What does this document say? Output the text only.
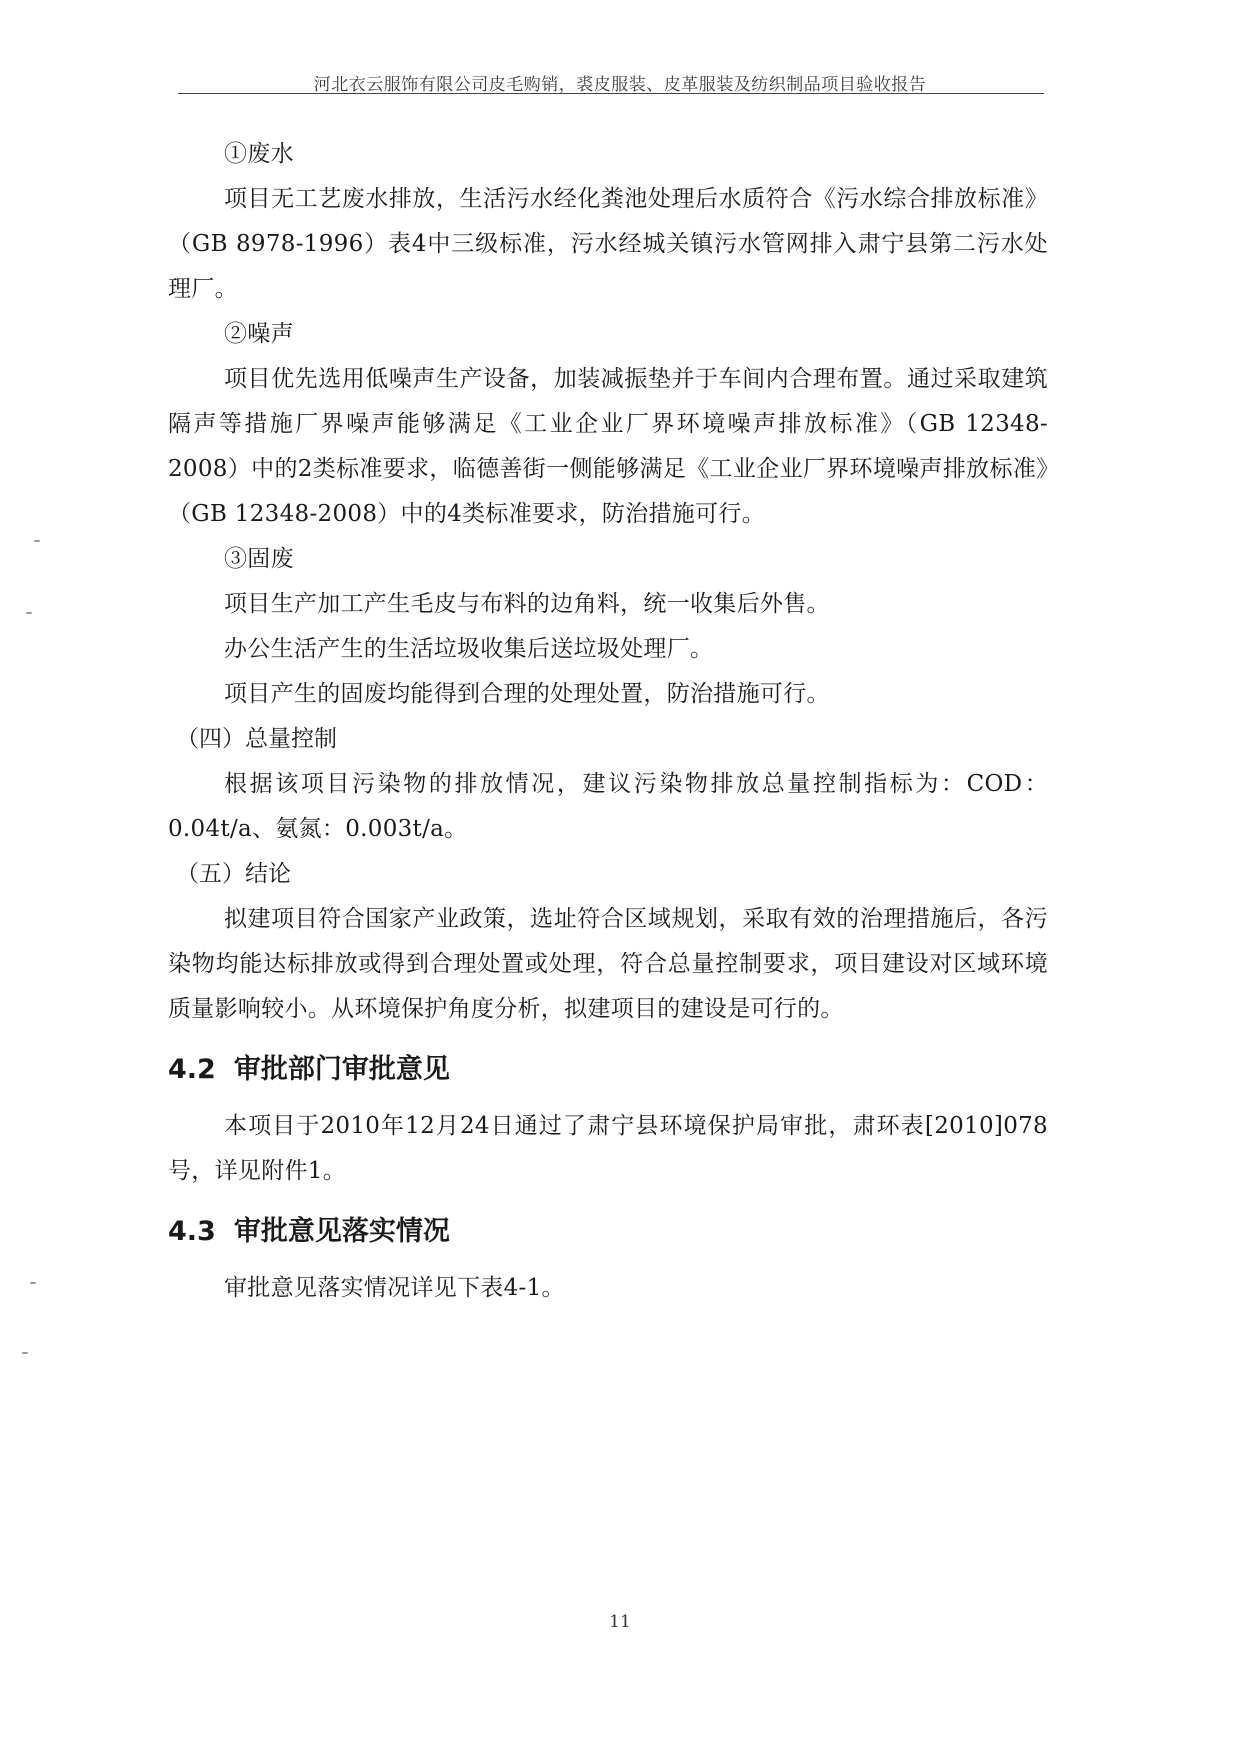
河北衣云服饰有限公司皮毛购销，裘皮服装、皮革服装及纺织制品项目验收报告

①废水

项目无工艺废水排放，生活污水经化粪池处理后水质符合《污水综合排放标准》（GB 8978-1996）表4中三级标准，污水经城关镇污水管网排入肃宁县第二污水处理厂。

②噪声

项目优先选用低噪声生产设备，加装减振垫并于车间内合理布置。通过采取建筑隔声等措施厂界噪声能够满足《工业企业厂界环境噪声排放标准》（GB 12348-2008）中的2类标准要求，临德善街一侧能够满足《工业企业厂界环境噪声排放标准》（GB 12348-2008）中的4类标准要求，防治措施可行。

③固废

项目生产加工产生毛皮与布料的边角料，统一收集后外售。

办公生活产生的生活垃圾收集后送垃圾处理厂。

项目产生的固废均能得到合理的处理处置，防治措施可行。

（四）总量控制

根据该项目污染物的排放情况，建议污染物排放总量控制指标为：COD：0.04t/a、氨氮：0.003t/a。

（五）结论

拟建项目符合国家产业政策，选址符合区域规划，采取有效的治理措施后，各污染物均能达标排放或得到合理处置或处理，符合总量控制要求，项目建设对区域环境质量影响较小。从环境保护角度分析，拟建项目的建设是可行的。

4.2 审批部门审批意见

本项目于2010年12月24日通过了肃宁县环境保护局审批，肃环表[2010]078号，详见附件1。

4.3 审批意见落实情况

审批意见落实情况详见下表4-1。

11
